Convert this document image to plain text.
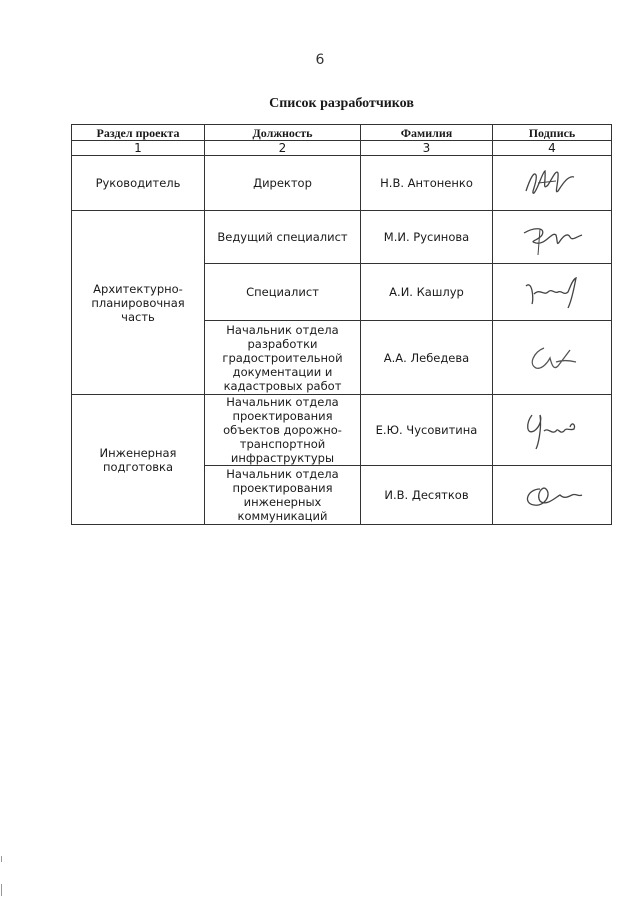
6
Список разработчиков
Раздел проекта	Должность	Фамилия	Подпись
1	2	3	4
Руководитель	Директор	Н.В. Антоненко	

Архитектурно-планировочная часть	Ведущий специалист	М.И. Русинова	

	Специалист	А.И. Кашлур	

	Начальник отдела разработки градостроительной документации и кадастровых работ	А.А. Лебедева	

Инженерная подготовка	Начальник отдела проектирования объектов дорожно-транспортной инфраструктуры	Е.Ю. Чусовитина	

	Начальник отдела проектирования инженерных коммуникаций	И.В. Десятков	
